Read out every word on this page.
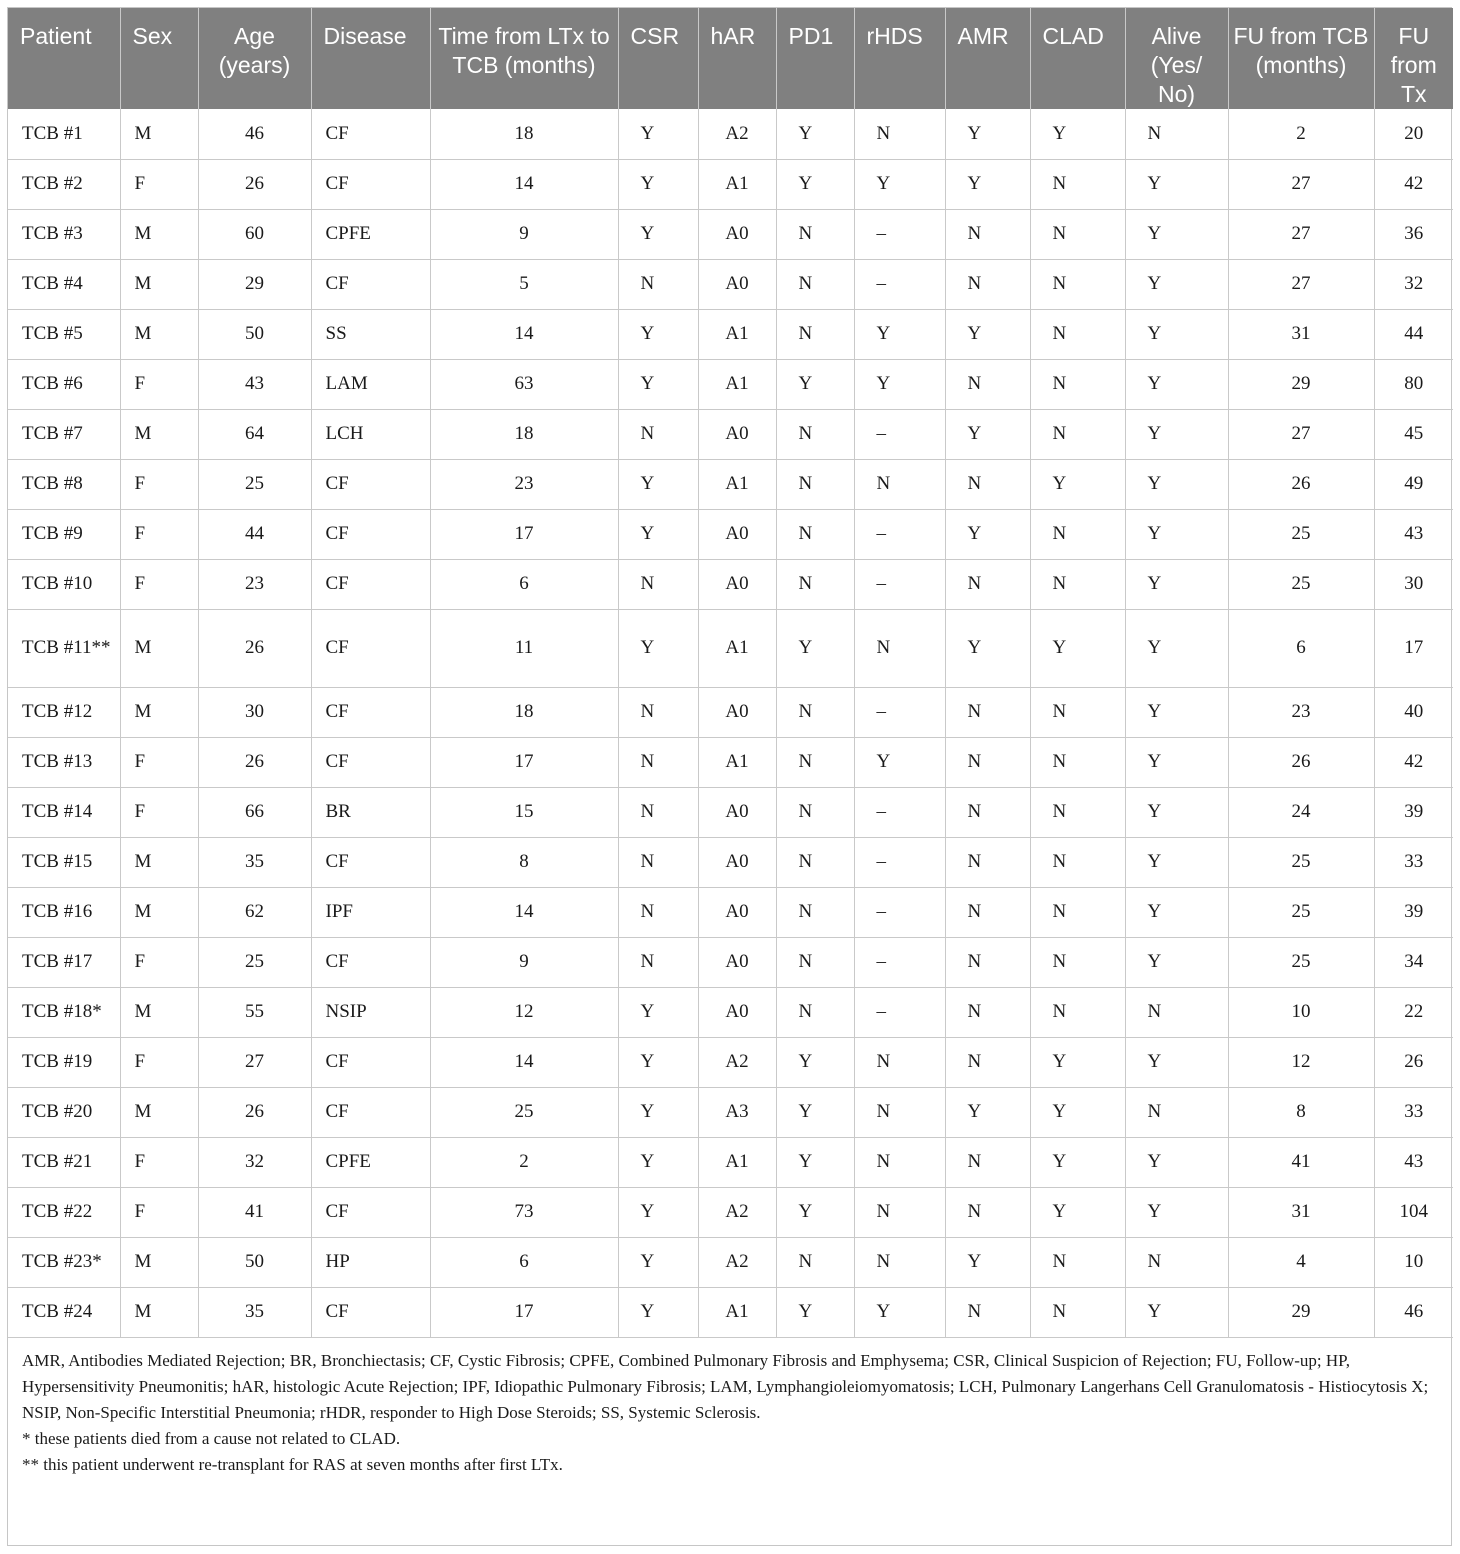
Patient	Sex	Age (years)	Disease	Time from LTx to TCB (months)	CSR	hAR	PD1	rHDS	AMR	CLAD	Alive (Yes/ No)	FU from TCB (months)	FU from Tx
TCB #1	M	46	CF	18	Y	A2	Y	N	Y	Y	N	2	20
TCB #2	F	26	CF	14	Y	A1	Y	Y	Y	N	Y	27	42
TCB #3	M	60	CPFE	9	Y	A0	N	–	N	N	Y	27	36
TCB #4	M	29	CF	5	N	A0	N	–	N	N	Y	27	32
TCB #5	M	50	SS	14	Y	A1	N	Y	Y	N	Y	31	44
TCB #6	F	43	LAM	63	Y	A1	Y	Y	N	N	Y	29	80
TCB #7	M	64	LCH	18	N	A0	N	–	Y	N	Y	27	45
TCB #8	F	25	CF	23	Y	A1	N	N	N	Y	Y	26	49
TCB #9	F	44	CF	17	Y	A0	N	–	Y	N	Y	25	43
TCB #10	F	23	CF	6	N	A0	N	–	N	N	Y	25	30
TCB #11**	M	26	CF	11	Y	A1	Y	N	Y	Y	Y	6	17
TCB #12	M	30	CF	18	N	A0	N	–	N	N	Y	23	40
TCB #13	F	26	CF	17	N	A1	N	Y	N	N	Y	26	42
TCB #14	F	66	BR	15	N	A0	N	–	N	N	Y	24	39
TCB #15	M	35	CF	8	N	A0	N	–	N	N	Y	25	33
TCB #16	M	62	IPF	14	N	A0	N	–	N	N	Y	25	39
TCB #17	F	25	CF	9	N	A0	N	–	N	N	Y	25	34
TCB #18*	M	55	NSIP	12	Y	A0	N	–	N	N	N	10	22
TCB #19	F	27	CF	14	Y	A2	Y	N	N	Y	Y	12	26
TCB #20	M	26	CF	25	Y	A3	Y	N	Y	Y	N	8	33
TCB #21	F	32	CPFE	2	Y	A1	Y	N	N	Y	Y	41	43
TCB #22	F	41	CF	73	Y	A2	Y	N	N	Y	Y	31	104
TCB #23*	M	50	HP	6	Y	A2	N	N	Y	N	N	4	10
TCB #24	M	35	CF	17	Y	A1	Y	Y	N	N	Y	29	46

AMR, Antibodies Mediated Rejection; BR, Bronchiectasis; CF, Cystic Fibrosis; CPFE, Combined Pulmonary Fibrosis and Emphysema; CSR, Clinical Suspicion of Rejection; FU, Follow-up; HP, Hypersensitivity Pneumonitis; hAR, histologic Acute Rejection; IPF, Idiopathic Pulmonary Fibrosis; LAM, Lymphangioleiomyomatosis; LCH, Pulmonary Langerhans Cell Granulomatosis - Histiocytosis X; NSIP, Non-Specific Interstitial Pneumonia; rHDR, responder to High Dose Steroids; SS, Systemic Sclerosis.

* these patients died from a cause not related to CLAD.

** this patient underwent re-transplant for RAS at seven months after first LTx.
